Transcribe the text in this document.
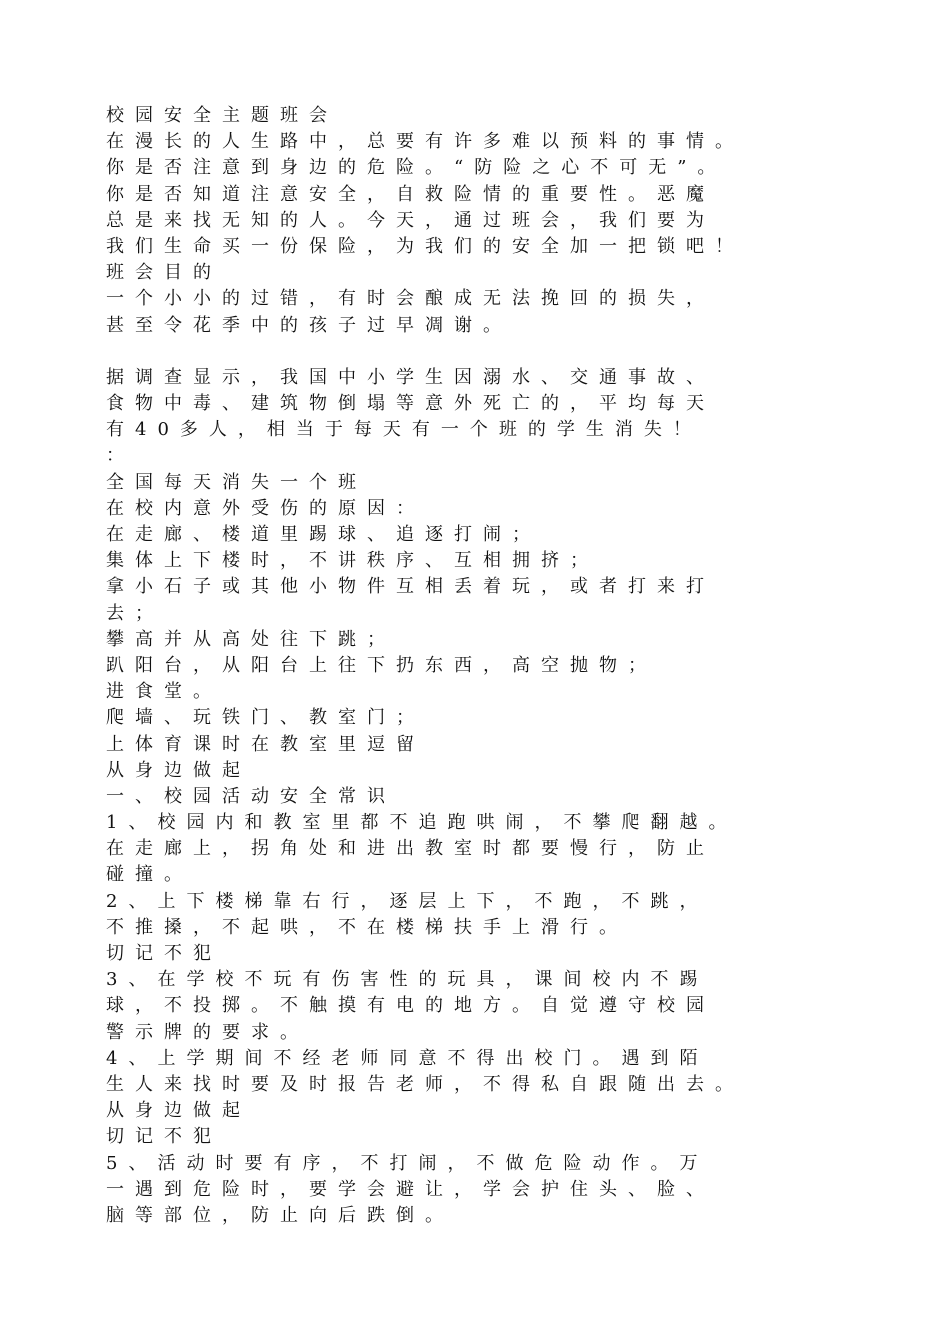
校园安全主题班会
在漫长的人生路中，总要有许多难以预料的事情。
你是否注意到身边的危险。“防险之心不可无”。
你是否知道注意安全，自救险情的重要性。恶魔
总是来找无知的人。今天，通过班会，我们要为
我们生命买一份保险，为我们的安全加一把锁吧！
班会目的
一个小小的过错，有时会酿成无法挽回的损失，
甚至令花季中的孩子过早凋谢。
据调查显示，我国中小学生因溺水、交通事故、
食物中毒、建筑物倒塌等意外死亡的，平均每天
有40多人，相当于每天有一个班的学生消失！
：
全国每天消失一个班
在校内意外受伤的原因：
在走廊、楼道里踢球、追逐打闹；
集体上下楼时，不讲秩序、互相拥挤；
拿小石子或其他小物件互相丢着玩，或者打来打
去；
攀高并从高处往下跳；
趴阳台，从阳台上往下扔东西，高空抛物；
进食堂。
爬墙、玩铁门、教室门；
上体育课时在教室里逗留
从身边做起
一、校园活动安全常识
1、校园内和教室里都不追跑哄闹，不攀爬翻越。
在走廊上，拐角处和进出教室时都要慢行，防止
碰撞。
2、上下楼梯靠右行，逐层上下，不跑，不跳，
不推搡，不起哄，不在楼梯扶手上滑行。
切记不犯
3、在学校不玩有伤害性的玩具，课间校内不踢
球，不投掷。不触摸有电的地方。自觉遵守校园
警示牌的要求。
4、上学期间不经老师同意不得出校门。遇到陌
生人来找时要及时报告老师，不得私自跟随出去。
从身边做起
切记不犯
5、活动时要有序，不打闹，不做危险动作。万
一遇到危险时，要学会避让，学会护住头、脸、
脑等部位，防止向后跌倒。
